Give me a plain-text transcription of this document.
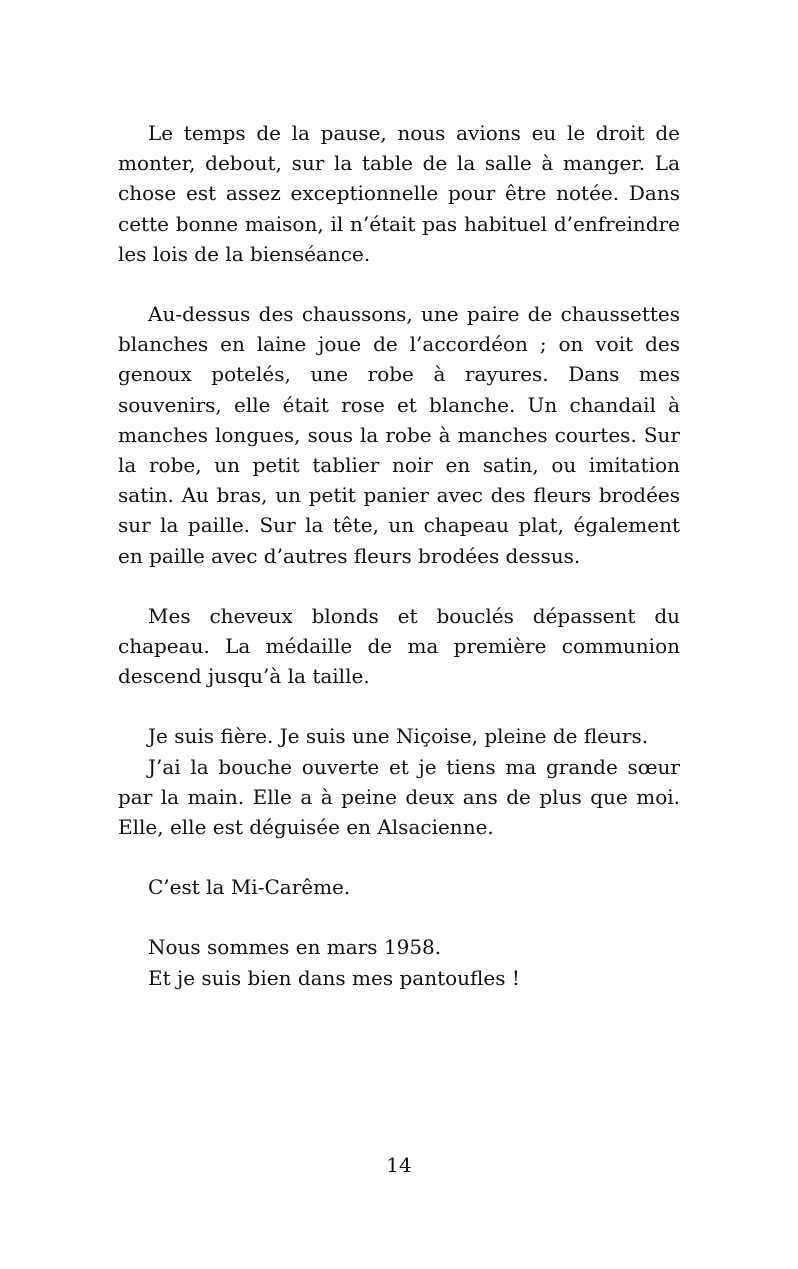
Le temps de la pause, nous avions eu le droit de monter, debout, sur la table de la salle à manger. La chose est assez exceptionnelle pour être notée. Dans cette bonne maison, il n’était pas habituel d’enfreindre les lois de la bienséance.

Au-dessus des chaussons, une paire de chaussettes blanches en laine joue de l’accordéon ; on voit des genoux potelés, une robe à rayures. Dans mes souvenirs, elle était rose et blanche. Un chandail à manches longues, sous la robe à manches courtes. Sur la robe, un petit tablier noir en satin, ou imitation satin. Au bras, un petit panier avec des fleurs brodées sur la paille. Sur la tête, un chapeau plat, également en paille avec d’autres fleurs brodées dessus.

Mes cheveux blonds et bouclés dépassent du chapeau. La médaille de ma première communion descend jusqu’à la taille.

Je suis fière. Je suis une Niçoise, pleine de fleurs.

J’ai la bouche ouverte et je tiens ma grande sœur par la main. Elle a à peine deux ans de plus que moi. Elle, elle est déguisée en Alsacienne.

C’est la Mi-Carême.

Nous sommes en mars 1958.

Et je suis bien dans mes pantoufles !

14
